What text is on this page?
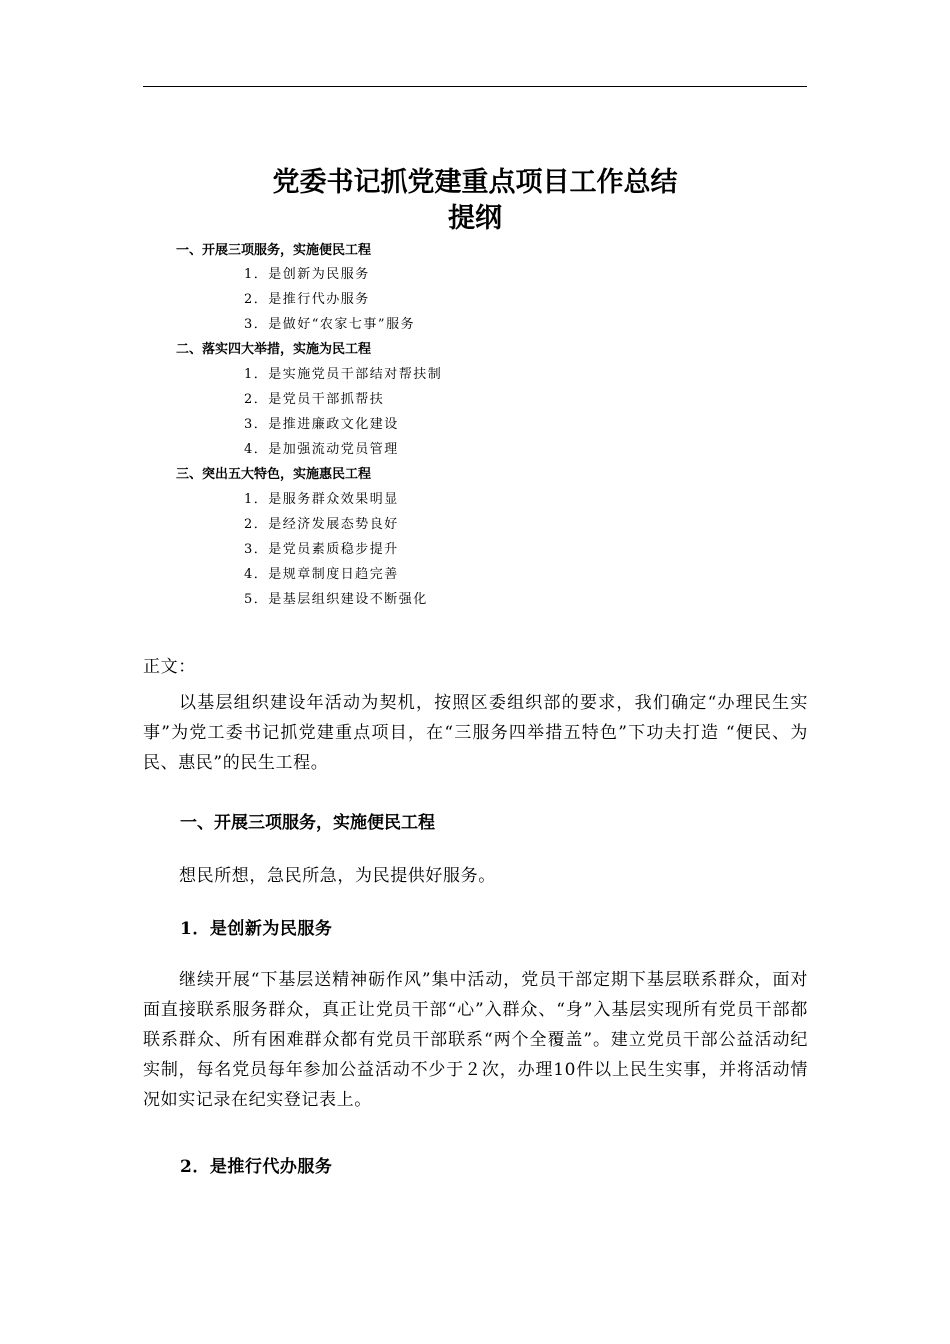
党委书记抓党建重点项目工作总结
提纲
一、开展三项服务，实施便民工程
1．是创新为民服务
2．是推行代办服务
3．是做好“农家七事”服务
二、落实四大举措，实施为民工程
1．是实施党员干部结对帮扶制
2．是党员干部抓帮扶
3．是推进廉政文化建设
4．是加强流动党员管理
三、突出五大特色，实施惠民工程
1．是服务群众效果明显
2．是经济发展态势良好
3．是党员素质稳步提升
4．是规章制度日趋完善
5．是基层组织建设不断强化
正文：
以基层组织建设年活动为契机，按照区委组织部的要求，我们确定“办理民生实事”为党工委书记抓党建重点项目，在“三服务四举措五特色”下功夫打造 “便民、为民、惠民”的民生工程。
一、开展三项服务，实施便民工程
想民所想，急民所急，为民提供好服务。
1．是创新为民服务
继续开展“下基层送精神砺作风”集中活动，党员干部定期下基层联系群众，面对面直接联系服务群众，真正让党员干部“心”入群众、“身”入基层实现所有党员干部都联系群众、所有困难群众都有党员干部联系“两个全覆盖”。建立党员干部公益活动纪实制，每名党员每年参加公益活动不少于２次，办理10件以上民生实事，并将活动情况如实记录在纪实登记表上。
2．是推行代办服务
